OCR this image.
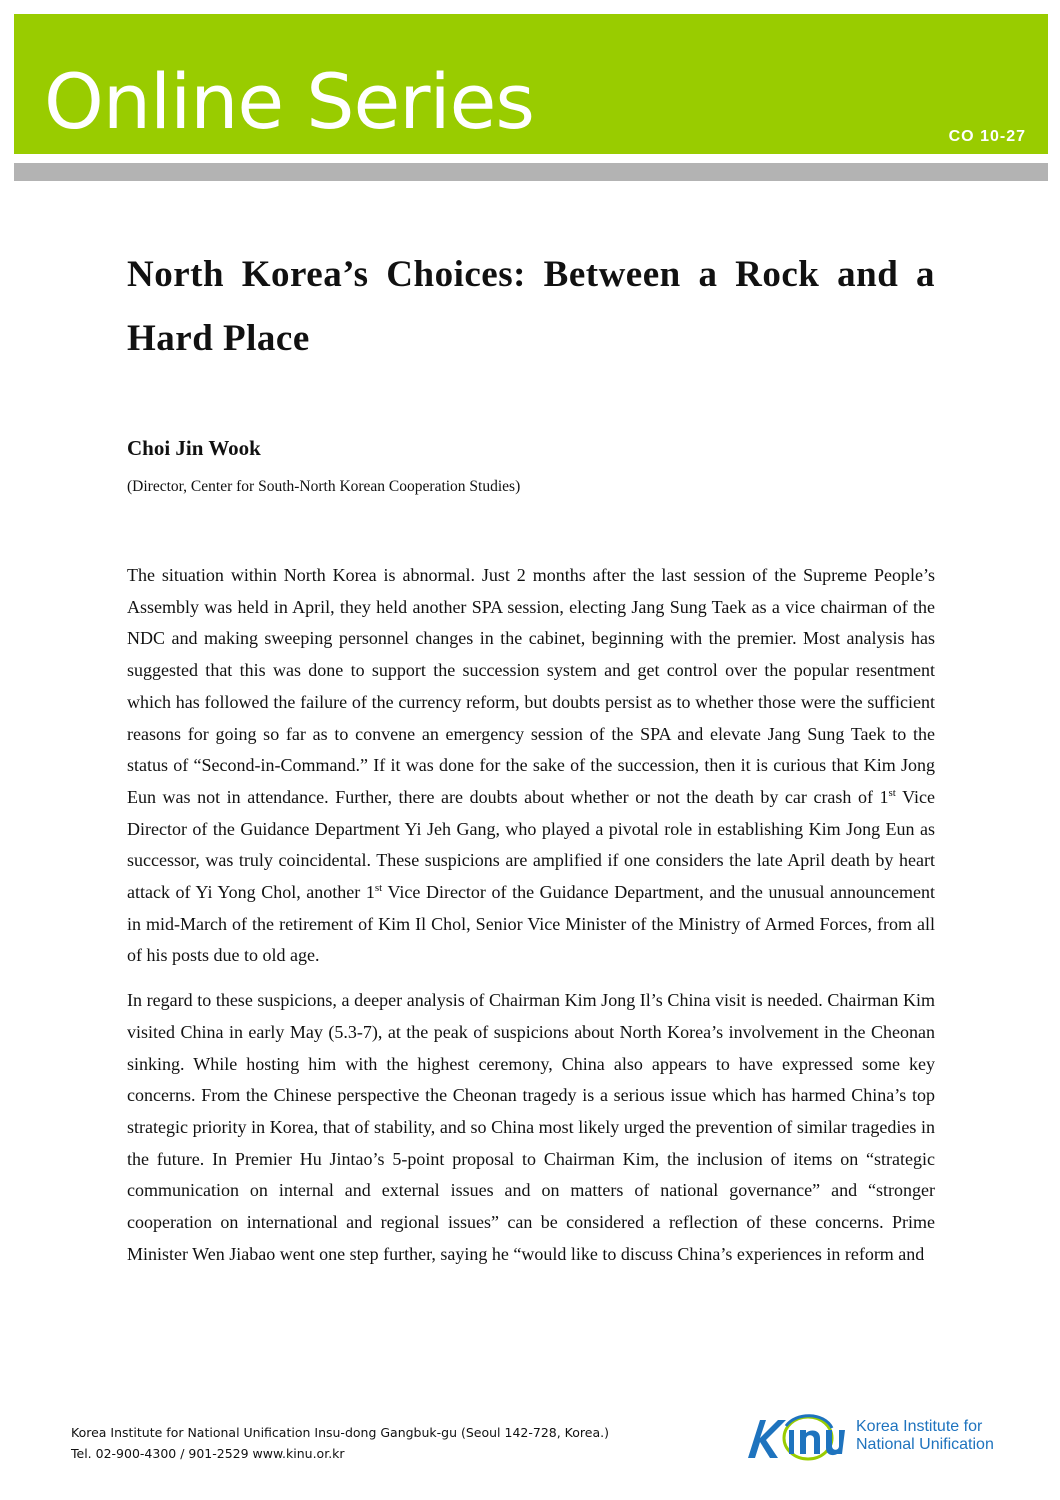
Online Series	CO 10-27
North Korea’s Choices: Between a Rock and a Hard Place

Choi Jin Wook

(Director, Center for South-North Korean Cooperation Studies)

The situation within North Korea is abnormal. Just 2 months after the last session of the Supreme People’s Assembly was held in April, they held another SPA session, electing Jang Sung Taek as a vice chairman of the NDC and making sweeping personnel changes in the cabinet, beginning with the premier. Most analysis has suggested that this was done to support the succession system and get control over the popular resentment which has followed the failure of the currency reform, but doubts persist as to whether those were the sufficient reasons for going so far as to convene an emergency session of the SPA and elevate Jang Sung Taek to the status of “Second-in-Command.” If it was done for the sake of the succession, then it is curious that Kim Jong Eun was not in attendance. Further, there are doubts about whether or not the death by car crash of 1st Vice Director of the Guidance Department Yi Jeh Gang, who played a pivotal role in establishing Kim Jong Eun as successor, was truly coincidental. These suspicions are amplified if one considers the late April death by heart attack of Yi Yong Chol, another 1st Vice Director of the Guidance Department, and the unusual announcement in mid-March of the retirement of Kim Il Chol, Senior Vice Minister of the Ministry of Armed Forces, from all of his posts due to old age.

In regard to these suspicions, a deeper analysis of Chairman Kim Jong Il’s China visit is needed. Chairman Kim visited China in early May (5.3-7), at the peak of suspicions about North Korea’s involvement in the Cheonan sinking. While hosting him with the highest ceremony, China also appears to have expressed some key concerns. From the Chinese perspective the Cheonan tragedy is a serious issue which has harmed China’s top strategic priority in Korea, that of stability, and so China most likely urged the prevention of similar tragedies in the future. In Premier Hu Jintao’s 5-point proposal to Chairman Kim, the inclusion of items on “strategic communication on internal and external issues and on matters of national governance” and “stronger cooperation on international and regional issues” can be considered a reflection of these concerns. Prime Minister Wen Jiabao went one step further, saying he “would like to discuss China’s experiences in reform and

Korea Institute for National Unification Insu-dong Gangbuk-gu (Seoul 142-728, Korea.)
Tel. 02-900-4300 / 901-2529 www.kinu.or.kr
Korea Institute for
National Unification
